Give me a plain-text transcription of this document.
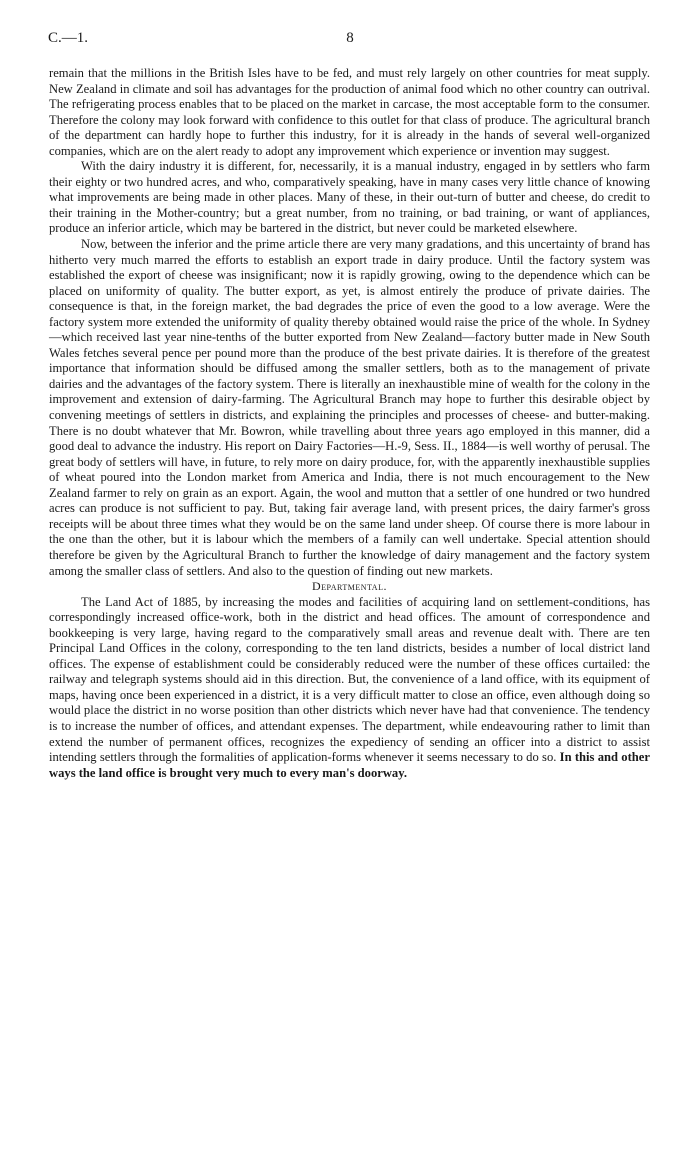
C.—1.	8

remain that the millions in the British Isles have to be fed, and must rely largely on other countries for meat supply. New Zealand in climate and soil has advantages for the production of animal food which no other country can outrival. The refrigerating process enables that to be placed on the market in carcase, the most acceptable form to the consumer. Therefore the colony may look forward with confidence to this outlet for that class of produce. The agricultural branch of the department can hardly hope to further this industry, for it is already in the hands of several well-organized companies, which are on the alert ready to adopt any improvement which experience or invention may suggest.

With the dairy industry it is different, for, necessarily, it is a manual industry, engaged in by settlers who farm their eighty or two hundred acres, and who, comparatively speaking, have in many cases very little chance of knowing what improvements are being made in other places. Many of these, in their out-turn of butter and cheese, do credit to their training in the Mother-country; but a great number, from no training, or bad training, or want of appliances, produce an inferior article, which may be bartered in the district, but never could be marketed elsewhere.

Now, between the inferior and the prime article there are very many gradations, and this uncertainty of brand has hitherto very much marred the efforts to establish an export trade in dairy produce. Until the factory system was established the export of cheese was insignificant; now it is rapidly growing, owing to the dependence which can be placed on uniformity of quality. The butter export, as yet, is almost entirely the produce of private dairies. The consequence is that, in the foreign market, the bad degrades the price of even the good to a low average. Were the factory system more extended the uniformity of quality thereby obtained would raise the price of the whole. In Sydney—which received last year nine-tenths of the butter exported from New Zealand—factory butter made in New South Wales fetches several pence per pound more than the produce of the best private dairies. It is therefore of the greatest importance that information should be diffused among the smaller settlers, both as to the management of private dairies and the advantages of the factory system. There is literally an inexhaustible mine of wealth for the colony in the improvement and extension of dairy-farming. The Agricultural Branch may hope to further this desirable object by convening meetings of settlers in districts, and explaining the principles and processes of cheese- and butter-making. There is no doubt whatever that Mr. Bowron, while travelling about three years ago employed in this manner, did a good deal to advance the industry. His report on Dairy Factories—H.-9, Sess. II., 1884—is well worthy of perusal. The great body of settlers will have, in future, to rely more on dairy produce, for, with the apparently inexhaustible supplies of wheat poured into the London market from America and India, there is not much encouragement to the New Zealand farmer to rely on grain as an export. Again, the wool and mutton that a settler of one hundred or two hundred acres can produce is not sufficient to pay. But, taking fair average land, with present prices, the dairy farmer's gross receipts will be about three times what they would be on the same land under sheep. Of course there is more labour in the one than the other, but it is labour which the members of a family can well undertake. Special attention should therefore be given by the Agricultural Branch to further the knowledge of dairy management and the factory system among the smaller class of settlers. And also to the question of finding out new markets.

Departmental.

The Land Act of 1885, by increasing the modes and facilities of acquiring land on settlement-conditions, has correspondingly increased office-work, both in the district and head offices. The amount of correspondence and bookkeeping is very large, having regard to the comparatively small areas and revenue dealt with. There are ten Principal Land Offices in the colony, corresponding to the ten land districts, besides a number of local district land offices. The expense of establishment could be considerably reduced were the number of these offices curtailed: the railway and telegraph systems should aid in this direction. But, the convenience of a land office, with its equipment of maps, having once been experienced in a district, it is a very difficult matter to close an office, even although doing so would place the district in no worse position than other districts which never have had that convenience. The tendency is to increase the number of offices, and attendant expenses. The department, while endeavouring rather to limit than extend the number of permanent offices, recognizes the expediency of sending an officer into a district to assist intending settlers through the formalities of application-forms whenever it seems necessary to do so. In this and other ways the land office is brought very much to every man's doorway.
